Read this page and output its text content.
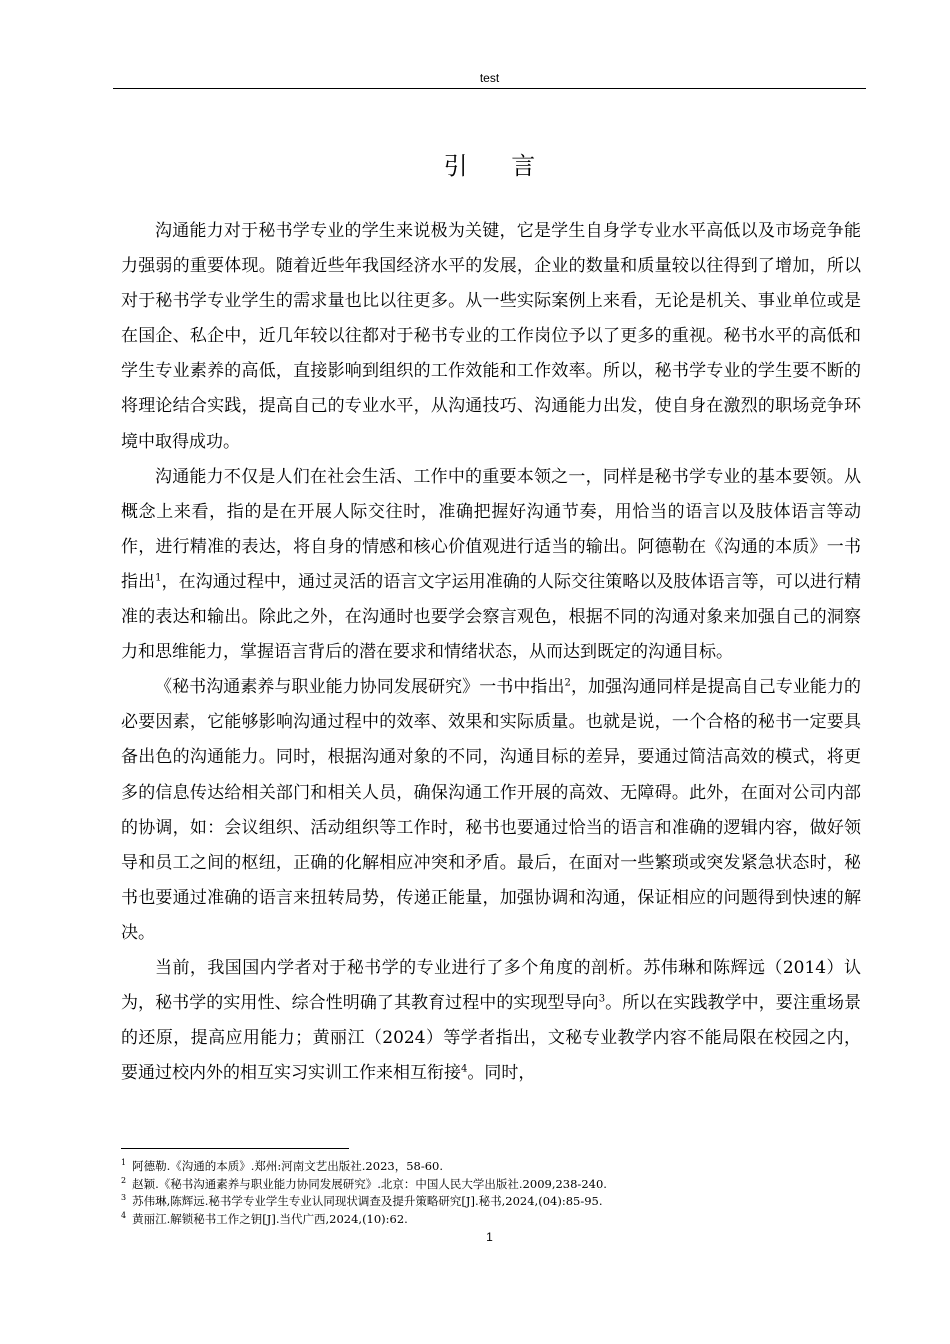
test
引 言

沟通能力对于秘书学专业的学生来说极为关键，它是学生自身学专业水平高低以及市场竞争能力强弱的重要体现。随着近些年我国经济水平的发展，企业的数量和质量较以往得到了增加，所以对于秘书学专业学生的需求量也比以往更多。从一些实际案例上来看，无论是机关、事业单位或是在国企、私企中，近几年较以往都对于秘书专业的工作岗位予以了更多的重视。秘书水平的高低和学生专业素养的高低，直接影响到组织的工作效能和工作效率。所以，秘书学专业的学生要不断的将理论结合实践，提高自己的专业水平，从沟通技巧、沟通能力出发，使自身在激烈的职场竞争环境中取得成功。

沟通能力不仅是人们在社会生活、工作中的重要本领之一，同样是秘书学专业的基本要领。从概念上来看，指的是在开展人际交往时，准确把握好沟通节奏，用恰当的语言以及肢体语言等动作，进行精准的表达，将自身的情感和核心价值观进行适当的输出。阿德勒在《沟通的本质》一书指出$^1$，在沟通过程中，通过灵活的语言文字运用准确的人际交往策略以及肢体语言等，可以进行精准的表达和输出。除此之外，在沟通时也要学会察言观色，根据不同的沟通对象来加强自己的洞察力和思维能力，掌握语言背后的潜在要求和情绪状态，从而达到既定的沟通目标。

《秘书沟通素养与职业能力协同发展研究》一书中指出$^2$，加强沟通同样是提高自己专业能力的必要因素，它能够影响沟通过程中的效率、效果和实际质量。也就是说，一个合格的秘书一定要具备出色的沟通能力。同时，根据沟通对象的不同，沟通目标的差异，要通过简洁高效的模式，将更多的信息传达给相关部门和相关人员，确保沟通工作开展的高效、无障碍。此外，在面对公司内部的协调，如：会议组织、活动组织等工作时，秘书也要通过恰当的语言和准确的逻辑内容，做好领导和员工之间的枢纽，正确的化解相应冲突和矛盾。最后，在面对一些繁琐或突发紧急状态时，秘书也要通过准确的语言来扭转局势，传递正能量，加强协调和沟通，保证相应的问题得到快速的解决。

当前，我国国内学者对于秘书学的专业进行了多个角度的剖析。苏伟琳和陈辉远（2014）认为，秘书学的实用性、综合性明确了其教育过程中的实现型导向$^3$。所以在实践教学中，要注重场景的还原，提高应用能力；黄丽江（2024）等学者指出，文秘专业教学内容不能局限在校园之内，要通过校内外的相互实习实训工作来相互衔接$^4$。同时，

$^1$ 阿德勒.《沟通的本质》.郑州:河南文艺出版社.2023，58-60.
$^2$ 赵颖.《秘书沟通素养与职业能力协同发展研究》.北京：中国人民大学出版社.2009,238-240.
$^3$ 苏伟琳,陈辉远.秘书学专业学生专业认同现状调查及提升策略研究[J].秘书,2024,(04):85-95.
$^4$ 黄丽江.解锁秘书工作之钥[J].当代广西,2024,(10):62.
1
